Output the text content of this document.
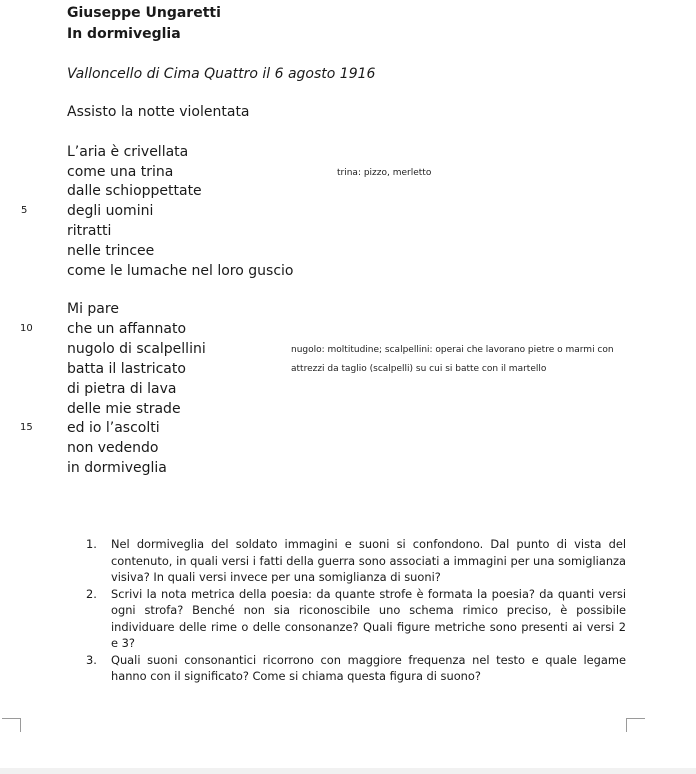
Giuseppe Ungaretti
In dormiveglia
Valloncello di Cima Quattro il 6 agosto 1916
Assisto la notte violentata
L’aria è crivellata
come una trina
dalle schioppettate
degli uomini
ritratti
nelle trincee
come le lumache nel loro guscio
Mi pare
che un affannato
nugolo di scalpellini
batta il lastricato
di pietra di lava
delle mie strade
ed io l’ascolti
non vedendo
in dormiveglia
5
10
15
trina: pizzo, merletto
nugolo: moltitudine; scalpellini: operai che lavorano pietre o marmi con
attrezzi da taglio (scalpelli) su cui si batte con il martello
1. Nel dormiveglia del soldato immagini e suoni si confondono. Dal punto di vista del contenuto, in quali versi i fatti della guerra sono associati a immagini per una somiglianza visiva? In quali versi invece per una somiglianza di suoni?
2. Scrivi la nota metrica della poesia: da quante strofe è formata la poesia? da quanti versi ogni strofa? Benché non sia riconoscibile uno schema rimico preciso, è possibile individuare delle rime o delle consonanze? Quali figure metriche sono presenti ai versi 2 e 3?
3. Quali suoni consonantici ricorrono con maggiore frequenza nel testo e quale legame hanno con il significato? Come si chiama questa figura di suono?
